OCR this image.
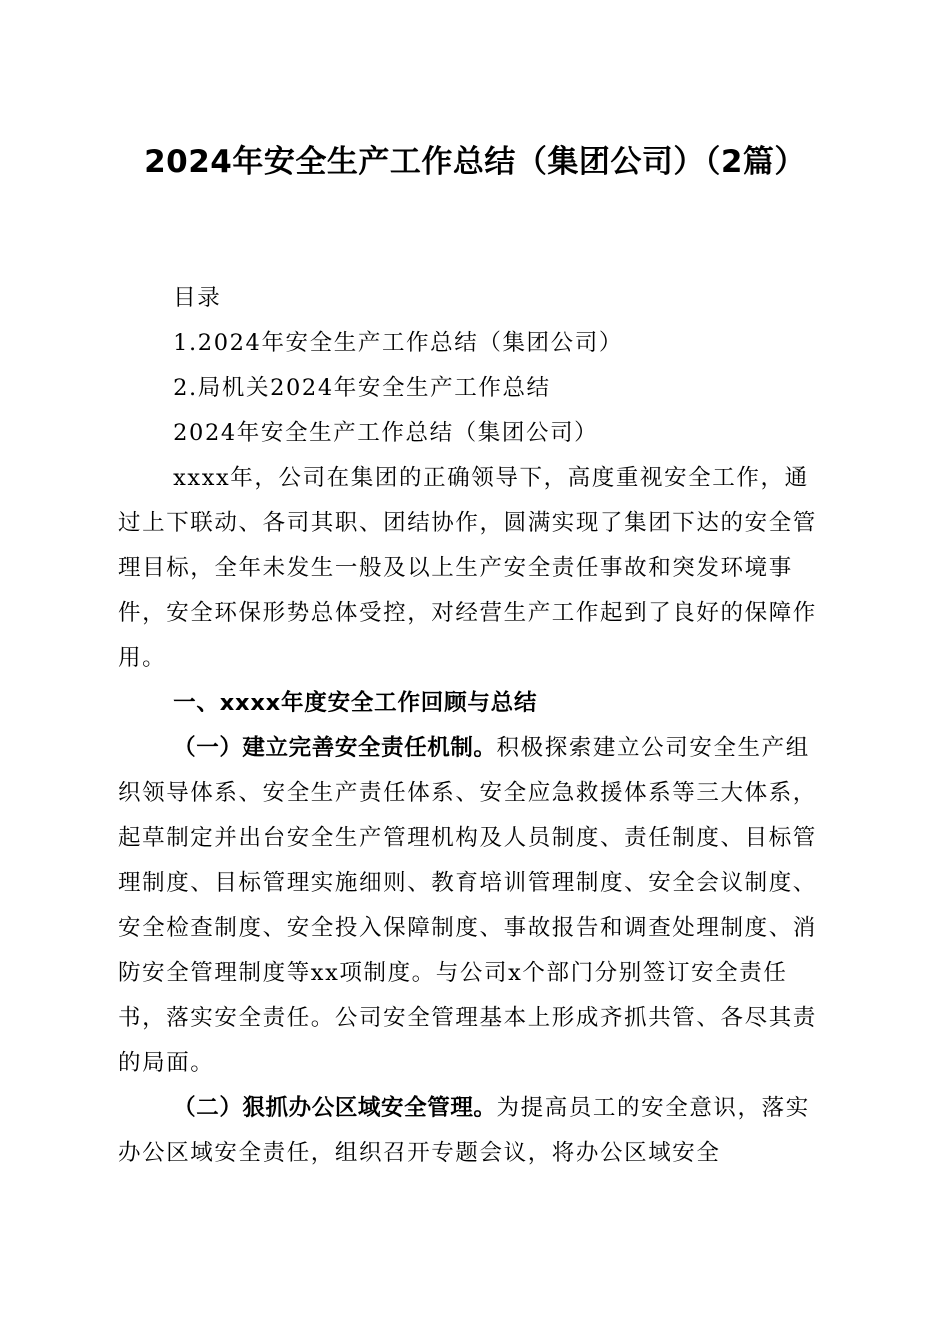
2024年安全生产工作总结（集团公司）（2篇）

目录

1.2024年安全生产工作总结（集团公司）

2.局机关2024年安全生产工作总结

2024年安全生产工作总结（集团公司）

xxxx年，公司在集团的正确领导下，高度重视安全工作，通过上下联动、各司其职、团结协作，圆满实现了集团下达的安全管理目标，全年未发生一般及以上生产安全责任事故和突发环境事件，安全环保形势总体受控，对经营生产工作起到了良好的保障作用。

一、xxxx年度安全工作回顾与总结

（一）建立完善安全责任机制。积极探索建立公司安全生产组织领导体系、安全生产责任体系、安全应急救援体系等三大体系，起草制定并出台安全生产管理机构及人员制度、责任制度、目标管理制度、目标管理实施细则、教育培训管理制度、安全会议制度、安全检查制度、安全投入保障制度、事故报告和调查处理制度、消防安全管理制度等xx项制度。与公司x个部门分别签订安全责任书，落实安全责任。公司安全管理基本上形成齐抓共管、各尽其责的局面。

（二）狠抓办公区域安全管理。为提高员工的安全意识，落实办公区域安全责任，组织召开专题会议，将办公区域安全
